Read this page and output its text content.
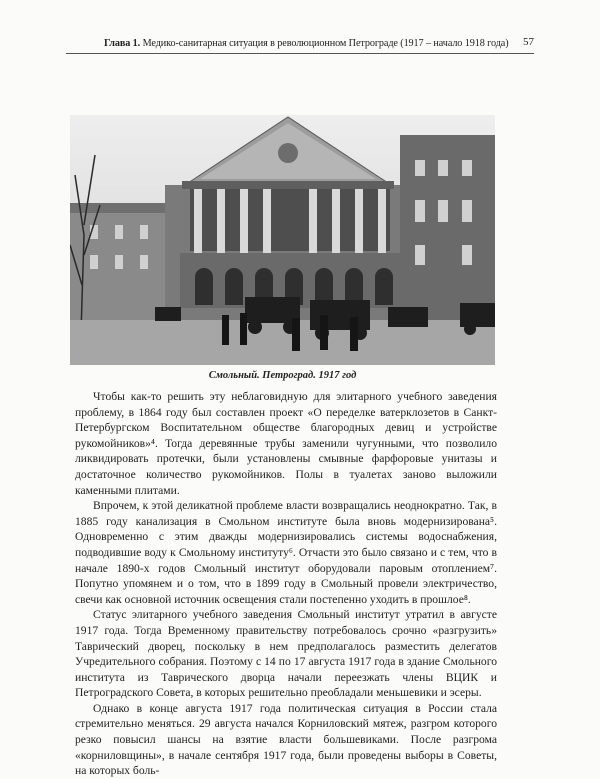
Глава 1. Медико-санитарная ситуация в революционном Петрограде (1917 – начало 1918 года) 57
Смольный. Петроград. 1917 год

Чтобы как-то решить эту неблаговидную для элитарного учебного заведения проблему, в 1864 году был составлен проект «О переделке ватерклозетов в Санкт-Петербургском Воспитательном обществе благородных девиц и устройстве рукомойников»⁴. Тогда деревянные трубы заменили чугунными, что позволило ликвидировать протечки, были установлены смывные фарфоровые унитазы и достаточное количество рукомойников. Полы в туалетах заново выложили каменными плитами.

Впрочем, к этой деликатной проблеме власти возвращались неоднократно. Так, в 1885 году канализация в Смольном институте была вновь модернизирована⁵. Одновременно с этим дважды модернизировались системы водоснабжения, подводившие воду к Смольному институту⁶. Отчасти это было связано и с тем, что в начале 1890-х годов Смольный институт оборудовали паровым отоплением⁷. Попутно упомянем и о том, что в 1899 году в Смольный провели электричество, свечи как основной источник освещения стали постепенно уходить в прошлое⁸.

Статус элитарного учебного заведения Смольный институт утратил в августе 1917 года. Тогда Временному правительству потребовалось срочно «разгрузить» Таврический дворец, поскольку в нем предполагалось разместить делегатов Учредительного собрания. Поэтому с 14 по 17 августа 1917 года в здание Смольного института из Таврического дворца начали переезжать члены ВЦИК и Петроградского Совета, в которых решительно преобладали меньшевики и эсеры.

Однако в конце августа 1917 года политическая ситуация в России стала стремительно меняться. 29 августа начался Корниловский мятеж, разгром которого резко повысил шансы на взятие власти большевиками. После разгрома «корниловщины», в начале сентября 1917 года, были проведены выборы в Советы, на которых боль-
